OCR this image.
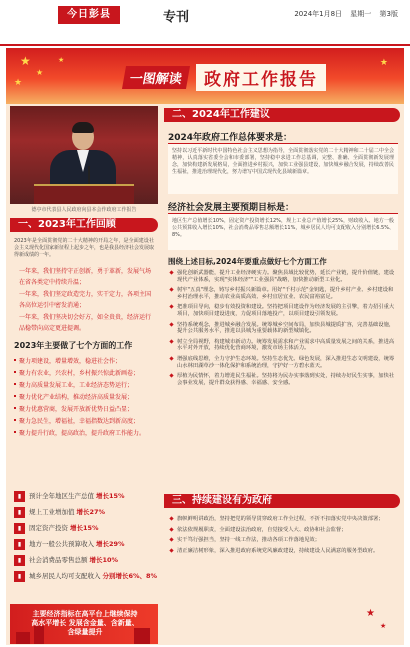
今日彭县	专刊	2024年1月8日 星期一 第3版
★
★
★
★	★
一图解读	政府工作报告
德亭市代表县人民政府向县本会作政府工作报告
一、2023年工作回顾
2023年是全面贯彻党的二十大精神的开局之年，是全面建设社会主义现代化国家新征程上起步之年，也是我县经济社会发展取得新成绩的一年。
一年来，我们坚持守正创新，勇于革新，发展气场在省各类定中持续升温；
一年来，我们坚定政造完力，实干定力，各项主国各高位运引中密发消通；
一年来，我们坚决切会好方，如全贵贵，经济运行品稳带向高定更进提调。
2023年主要做了七个方面的工作
聚力项建设，增量增效，稳进社会作；
聚力有农业，兴农村，乡村振兴惊此新画卷；
聚力高质量发展工业，工业经济态势运行；
聚力优化产业结构，推动经济高质量发展；
聚力优惠营商，发展开放新优势日益凸显；
聚力急民生，增福祉，幸福指数达到新高度；
聚力提升行政，提高政治，提升政府工作能力。
▮	预计全年地区生产总值 增长15%
▮	规上工业增加值 增长27%
▮	固定资产投资 增长15%
▮	地方一般公共预算收入 增长29%
▮	社会消费品零售总额 增长10%
▮	城乡居民人均可支配收入 分别增长6%、8%
主要经济指标在高平台上继续保持高水平增长 发展含金量、含新量、含绿量提升
二、2024年工作建议
2024年政府工作总体要求是：
坚持以习近平新时代中国特色社会主义思想为指导，全面贯彻落实党的二十大精神和二十届二中全会精神，认真落实省委全会和市委部署，坚持稳中求进工作总基调，完整、准确、全面贯彻新发展理念，加快构建新发展格局，全面推进乡村振兴，加快工业强县建设，加快城乡融合发展，持续改善民生福祉，推进治理现代化，努力谱写中国式现代化县域新篇章。
经济社会发展主要预期目标是：
地区生产总值增长10%，固定资产投资增长12%，规上工业总产值增长25%，财政收入、地方一般公共预算收入增长10%，社会消费品零售总额增长11%，城乡居民人均可支配收入分别增长6.5%、8%。
围绕上述目标,2024年要重点做好七个方面工作
强化创新武器能，提升工业经济硬实力。聚焦县域比较优势，延长产业链，提升价值链，建设现代产业体系，实现"实体经济""工业强县"战略，加快推动新型工业化。
树牢"五真"理念，铸写乡村振兴新篇章。用好"千村示范"金钥匙，提升乡村产业、乡村建设和乡村治理水平，推动农业高质高效、乡村宜居宜业、农民富裕富足。
把准项目导向，稳步有效投资和建设。坚持把项目建设作为经济发展的主引擎，着力招引重大项目，加快项目建设进度，力促项目落地投产，以项目建设引领发展。
坚持系统观念，推进城乡融合发展。统筹城乡空间布局，加快县城提质扩容，完善基础设施，提升公共服务水平，推进以县城为重要载体的新型城镇化。
树立全局视野，构建城市新动力。统筹发展需求和产业需求中高质量发展之间的关系，推进高水平对外开放，持续优化营商环境，激发市场主体活力。
增强底线思维，全力守护生态环境。坚持生态优先、绿色发展，深入推进生态文明建设，统筹山水林田湖草沙一体化保护和系统治理，守护好一方碧水蓝天。
厚植为民情怀，着力增进民生福祉。坚持将为民办实事落到实处，持续办好民生实事，加快社会事业发展，提升群众获得感、幸福感、安全感。
三、持续建设有为政府
旗帜鲜明讲政治，坚持把党的领导贯穿政府工作全过程，不折不扣落实党中央决策部署；
依法依规履职责，全面建设法治政府，自觉接受人大、政协和社会监督；
实干笃行强担当，坚持一线工作法，推动各项工作落地见效；
清正廉洁树形象，深入推进政府系统党风廉政建设，持续建设人民满意的服务型政府。
★
★
